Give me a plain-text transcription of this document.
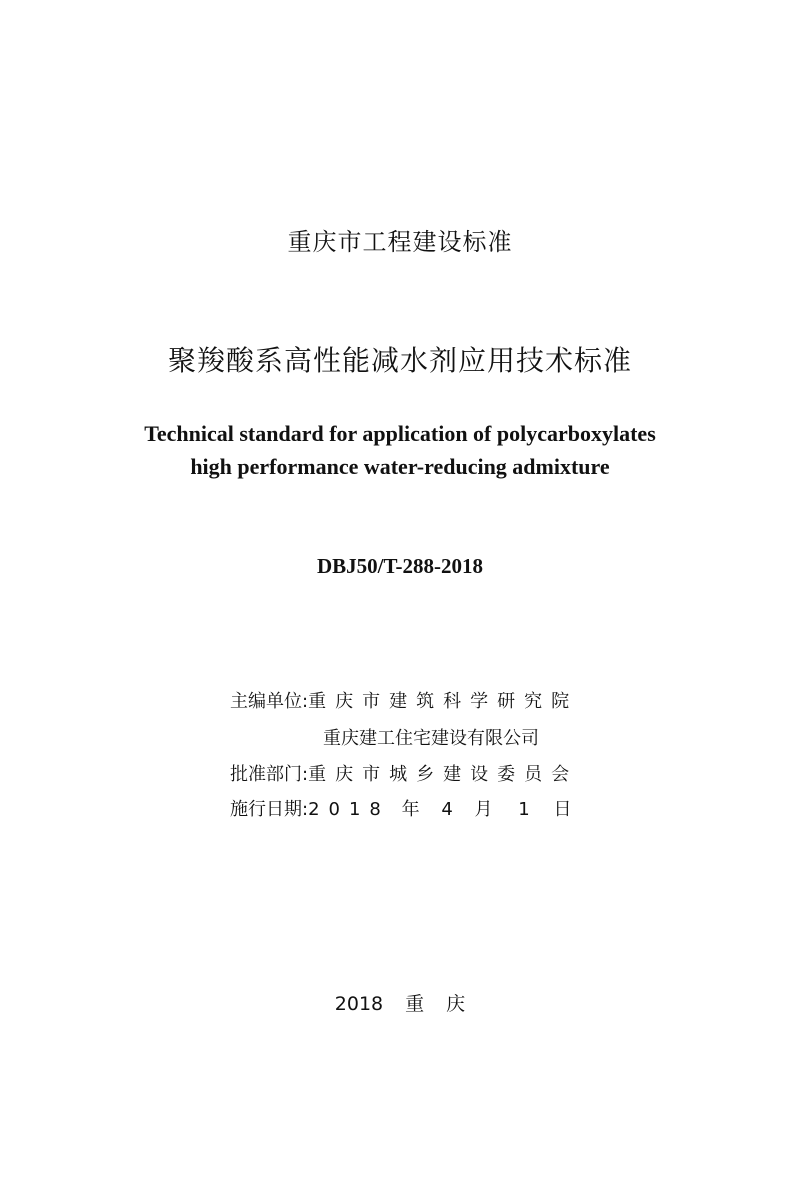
重庆市工程建设标准
聚羧酸系高性能减水剂应用技术标准
Technical standard for application of polycarboxylates
high performance water-reducing admixture
DBJ50/T-288-2018
主编单位:重庆市建筑科学研究院
重庆建工住宅建设有限公司
批准部门:重庆市城乡建设委员会
施行日期:2018 年 4 月 1 日
2018 重 庆
